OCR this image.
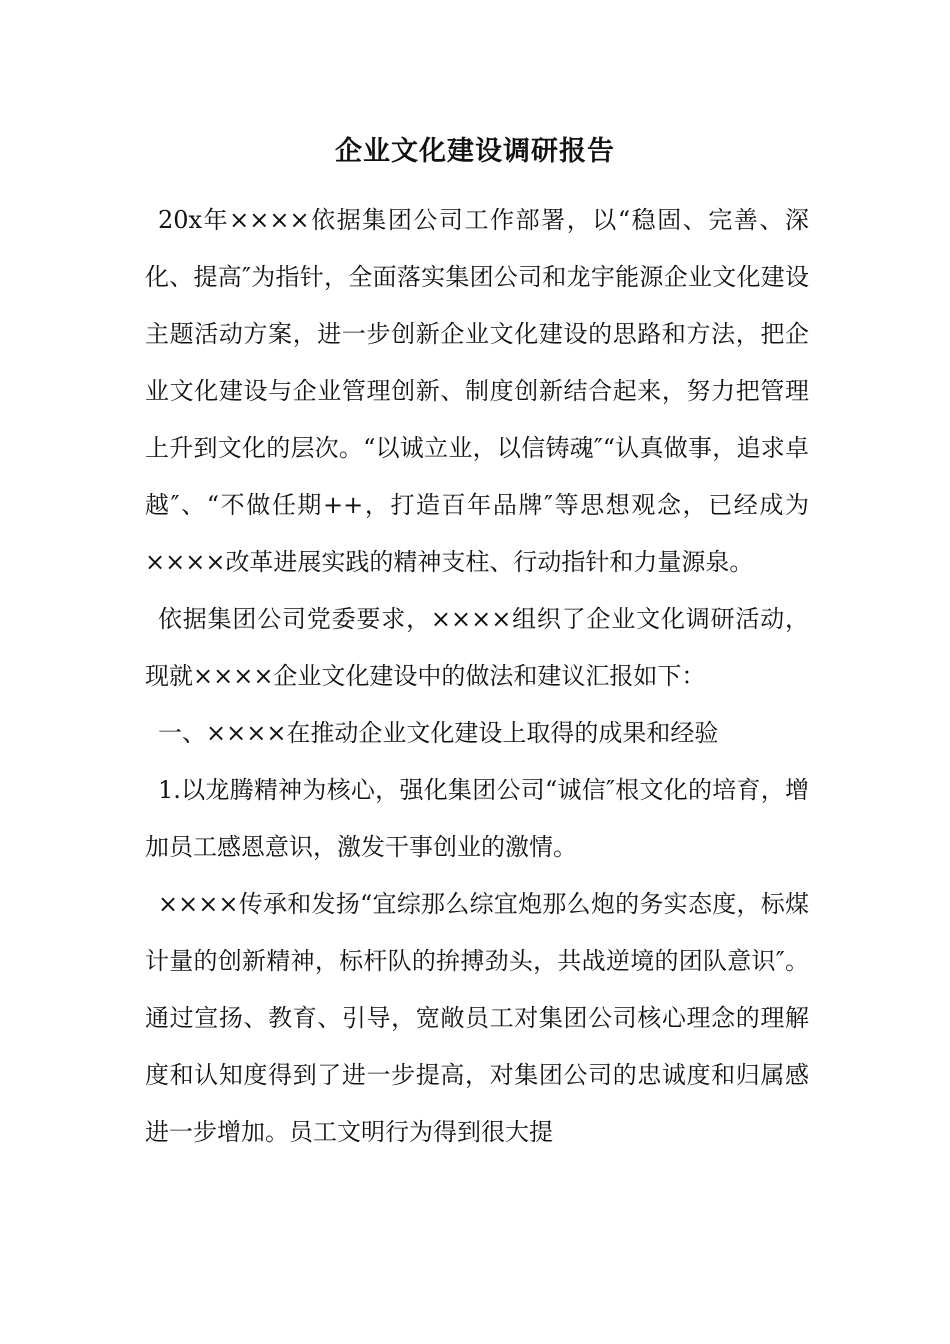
企业文化建设调研报告

20x年××××依据集团公司工作部署，以“稳固、完善、深化、提高″为指针，全面落实集团公司和龙宇能源企业文化建设主题活动方案，进一步创新企业文化建设的思路和方法，把企业文化建设与企业管理创新、制度创新结合起来，努力把管理上升到文化的层次。“以诚立业，以信铸魂″“认真做事，追求卓越″、“不做任期++，打造百年品牌″等思想观念，已经成为××××改革进展实践的精神支柱、行动指针和力量源泉。

依据集团公司党委要求，××××组织了企业文化调研活动，现就××××企业文化建设中的做法和建议汇报如下：

一、××××在推动企业文化建设上取得的成果和经验

1.以龙腾精神为核心，强化集团公司“诚信″根文化的培育，增加员工感恩意识，激发干事创业的激情。

××××传承和发扬“宜综那么综宜炮那么炮的务实态度，标煤计量的创新精神，标杆队的拚搏劲头，共战逆境的团队意识″。通过宣扬、教育、引导，宽敞员工对集团公司核心理念的理解度和认知度得到了进一步提高，对集团公司的忠诚度和归属感进一步增加。员工文明行为得到很大提
